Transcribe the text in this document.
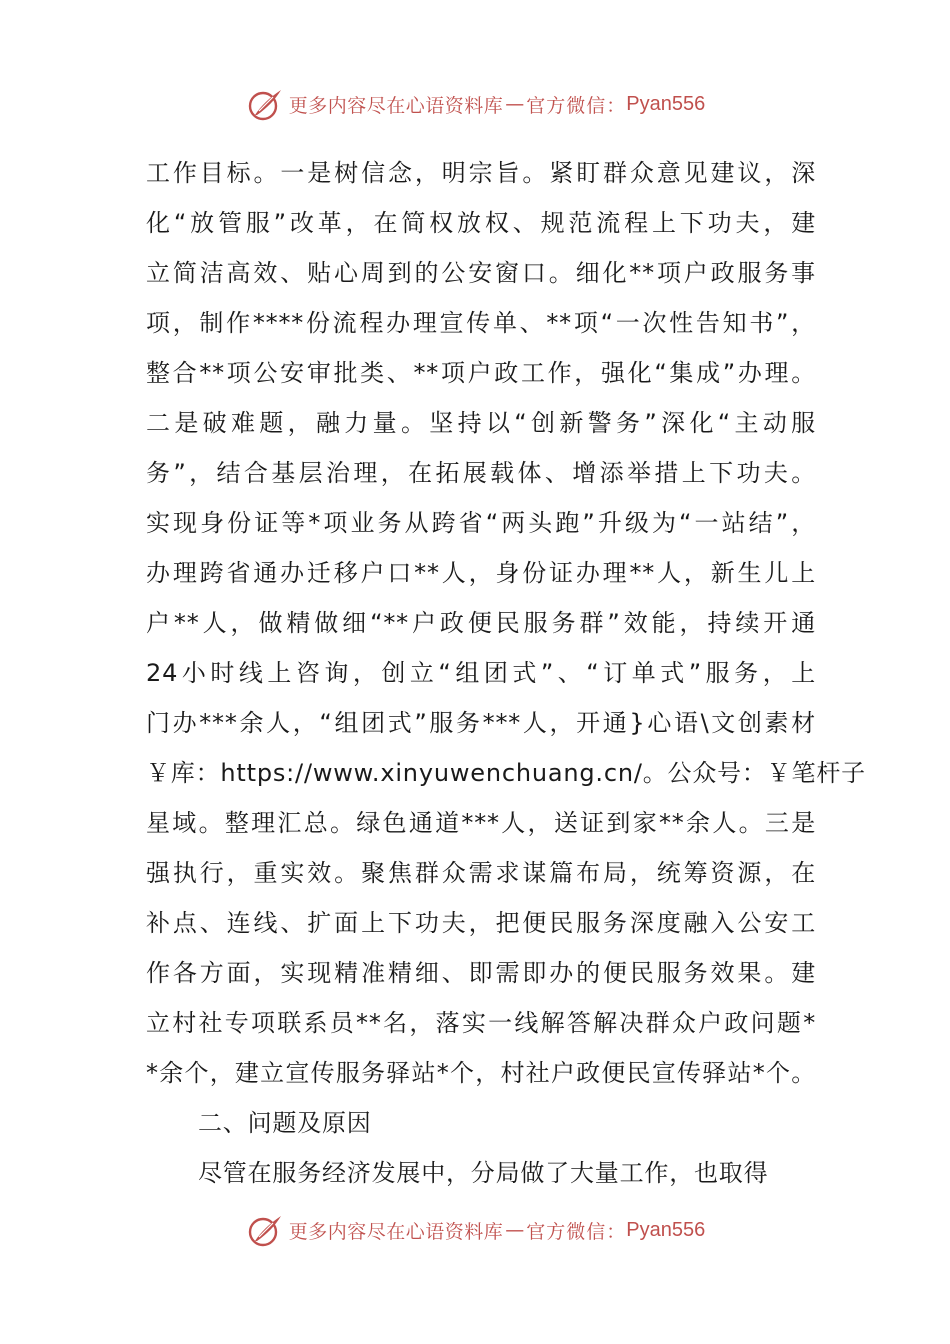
更多内容尽在心语资料库 — 官方微信： Pyan556
工作目标。一是树信念，明宗旨。紧盯群众意见建议，深
化“放管服”改革，在简权放权、规范流程上下功夫，建
立简洁高效、贴心周到的公安窗口。细化**项户政服务事
项，制作****份流程办理宣传单、**项“一次性告知书”，
整合**项公安审批类、**项户政工作，强化“集成”办理。
二是破难题，融力量。坚持以“创新警务”深化“主动服
务”，结合基层治理，在拓展载体、增添举措上下功夫。
实现身份证等*项业务从跨省“两头跑”升级为“一站结”，
办理跨省通办迁移户口**人，身份证办理**人，新生儿上
户**人，做精做细“**户政便民服务群”效能，持续开通
24小时线上咨询，创立“组团式”、“订单式”服务，上
门办***余人，“组团式”服务***人，开通}心语\文创素材
￥库：https://www.xinyuwenchuang.cn/。公众号：￥笔杆子
星域。整理汇总。绿色通道***人，送证到家**余人。三是
强执行，重实效。聚焦群众需求谋篇布局，统筹资源，在
补点、连线、扩面上下功夫，把便民服务深度融入公安工
作各方面，实现精准精细、即需即办的便民服务效果。建
立村社专项联系员**名，落实一线解答解决群众户政问题*
*余个，建立宣传服务驿站*个，村社户政便民宣传驿站*个。
二、问题及原因
尽管在服务经济发展中，分局做了大量工作，也取得
更多内容尽在心语资料库 — 官方微信： Pyan556
